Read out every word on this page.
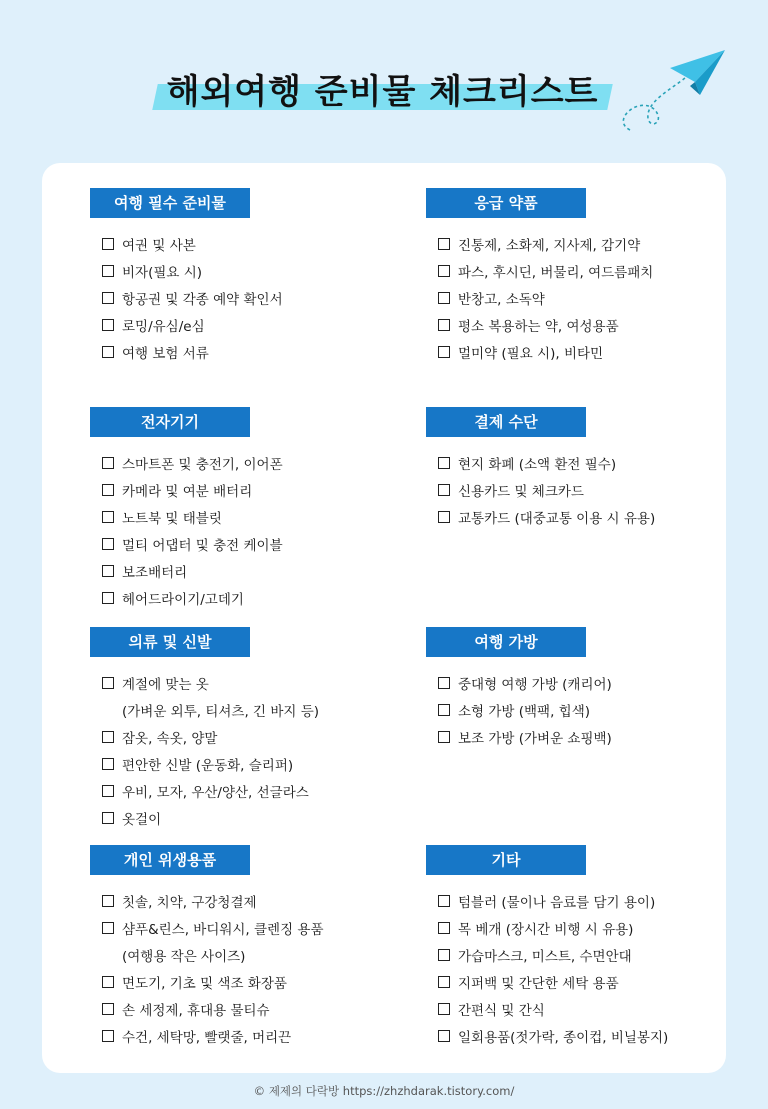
해외여행 준비물 체크리스트
여행 필수 준비물
여권 및 사본
비자(필요 시)
항공권 및 각종 예약 확인서
로밍/유심/e심
여행 보험 서류
응급 약품
진통제, 소화제, 지사제, 감기약
파스, 후시딘, 버물리, 여드름패치
반창고, 소독약
평소 복용하는 약, 여성용품
멀미약 (필요 시), 비타민
전자기기
스마트폰 및 충전기, 이어폰
카메라 및 여분 배터리
노트북 및 태블릿
멀티 어댑터 및 충전 케이블
보조배터리
헤어드라이기/고데기
결제 수단
현지 화폐 (소액 환전 필수)
신용카드 및 체크카드
교통카드 (대중교통 이용 시 유용)
의류 및 신발
계절에 맞는 옷
(가벼운 외투, 티셔츠, 긴 바지 등)
잠옷, 속옷, 양말
편안한 신발 (운동화, 슬리퍼)
우비, 모자, 우산/양산, 선글라스
옷걸이
여행 가방
중대형 여행 가방 (캐리어)
소형 가방 (백팩, 힙색)
보조 가방 (가벼운 쇼핑백)
개인 위생용품
칫솔, 치약, 구강청결제
샴푸&린스, 바디워시, 클렌징 용품
(여행용 작은 사이즈)
면도기, 기초 및 색조 화장품
손 세정제, 휴대용 물티슈
수건, 세탁망, 빨랫줄, 머리끈
기타
텀블러 (물이나 음료를 담기 용이)
목 베개 (장시간 비행 시 유용)
가습마스크, 미스트, 수면안대
지퍼백 및 간단한 세탁 용품
간편식 및 간식
일회용품(젓가락, 종이컵, 비닐봉지)
© 제제의 다락방 https://zhzhdarak.tistory.com/
